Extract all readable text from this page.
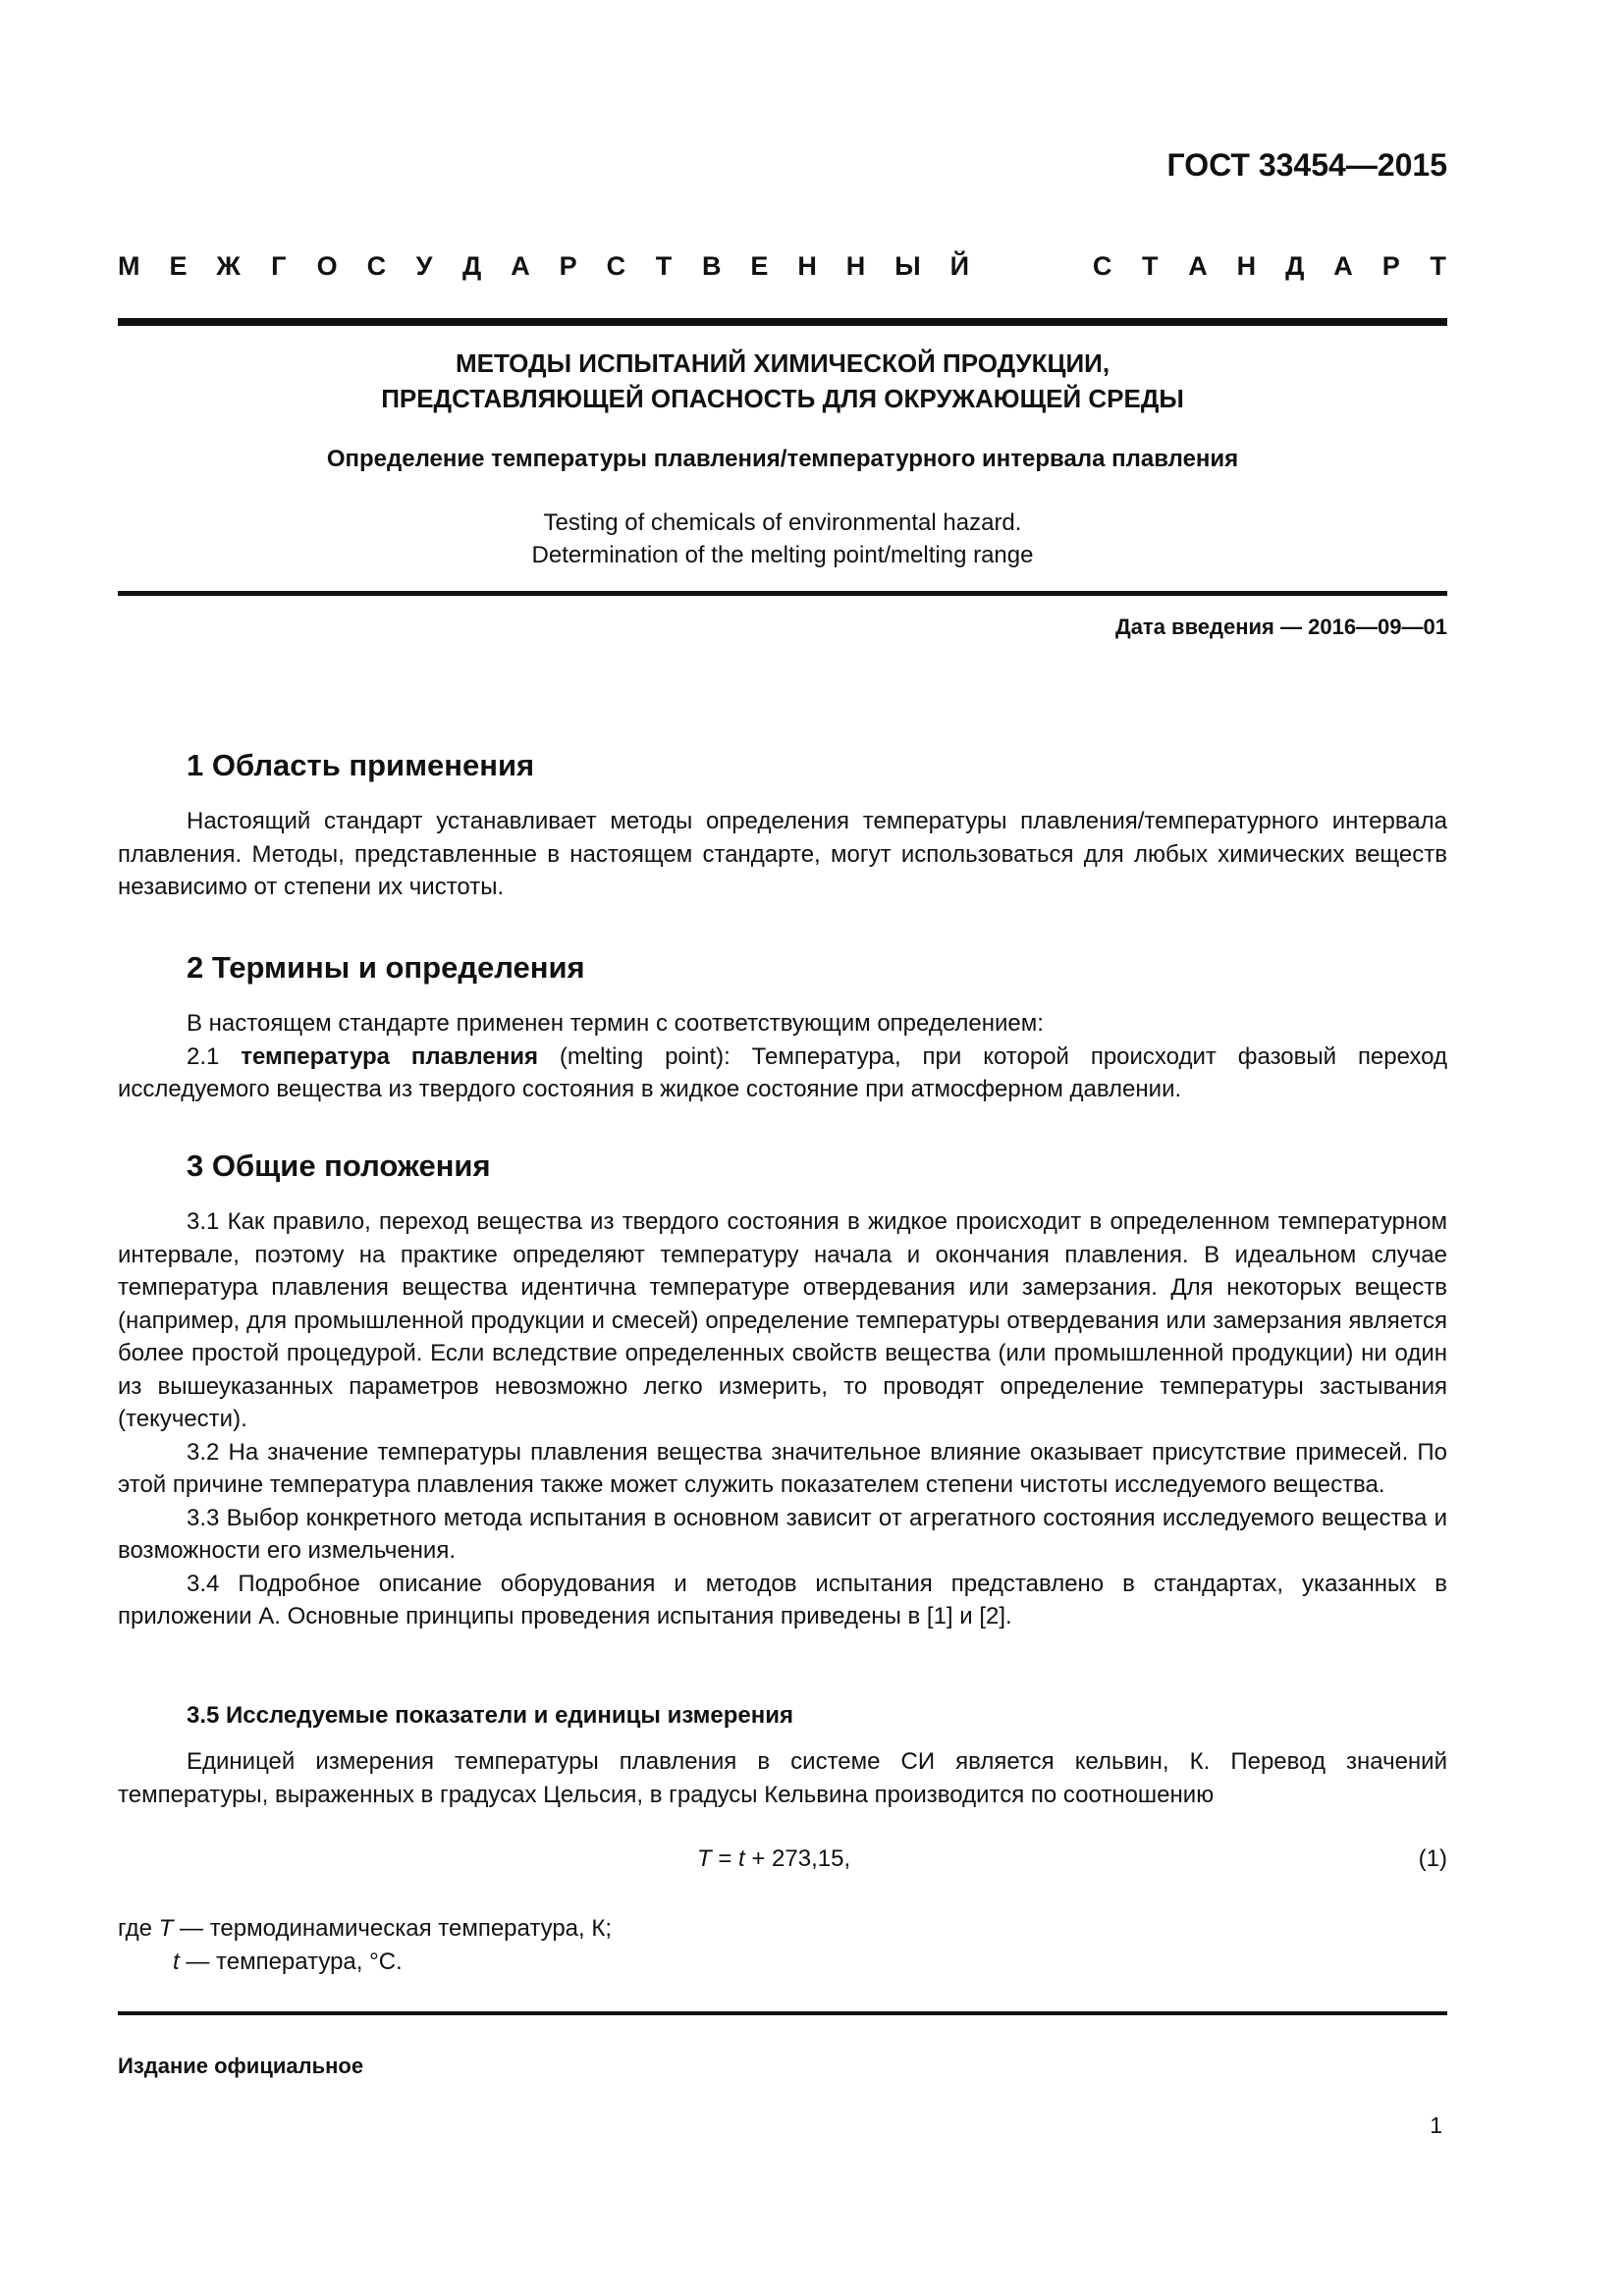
ГОСТ 33454—2015
М Е Ж Г О С У Д А Р С Т В Е Н Н Ы Й	С Т А Н Д А Р Т
МЕТОДЫ ИСПЫТАНИЙ ХИМИЧЕСКОЙ ПРОДУКЦИИ,
ПРЕДСТАВЛЯЮЩЕЙ ОПАСНОСТЬ ДЛЯ ОКРУЖАЮЩЕЙ СРЕДЫ
Определение температуры плавления/температурного интервала плавления
Testing of chemicals of environmental hazard.
Determination of the melting point/melting range
Дата введения — 2016—09—01
1 Область применения

Настоящий стандарт устанавливает методы определения температуры плавления/температурного интервала плавления. Методы, представленные в настоящем стандарте, могут использоваться для любых химических веществ независимо от степени их чистоты.

2 Термины и определения

В настоящем стандарте применен термин с соответствующим определением:

2.1 температура плавления (melting point): Температура, при которой происходит фазовый переход исследуемого вещества из твердого состояния в жидкое состояние при атмосферном давлении.

3 Общие положения

3.1 Как правило, переход вещества из твердого состояния в жидкое происходит в определенном температурном интервале, поэтому на практике определяют температуру начала и окончания плавления. В идеальном случае температура плавления вещества идентична температуре отвердевания или замерзания. Для некоторых веществ (например, для промышленной продукции и смесей) определение температуры отвердевания или замерзания является более простой процедурой. Если вследствие определенных свойств вещества (или промышленной продукции) ни один из вышеуказанных параметров невозможно легко измерить, то проводят определение температуры застывания (текучести).

3.2 На значение температуры плавления вещества значительное влияние оказывает присутствие примесей. По этой причине температура плавления также может служить показателем степени чистоты исследуемого вещества.

3.3 Выбор конкретного метода испытания в основном зависит от агрегатного состояния исследуемого вещества и возможности его измельчения.

3.4 Подробное описание оборудования и методов испытания представлено в стандартах, указанных в приложении А. Основные принципы проведения испытания приведены в [1] и [2].

3.5 Исследуемые показатели и единицы измерения

Единицей измерения температуры плавления в системе СИ является кельвин, К. Перевод значений температуры, выраженных в градусах Цельсия, в градусы Кельвина производится по соотношению

T = t + 273,15,	(1)
где T — термодинамическая температура, К;
t — температура, °С.
Издание официальное
1
